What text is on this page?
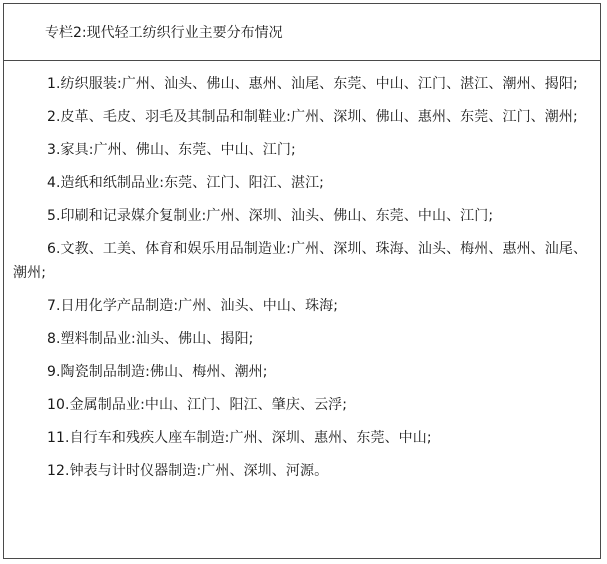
专栏2:现代轻工纺织行业主要分布情况

1.纺织服装:广州、汕头、佛山、惠州、汕尾、东莞、中山、江门、湛江、潮州、揭阳;

2.皮革、毛皮、羽毛及其制品和制鞋业:广州、深圳、佛山、惠州、东莞、江门、潮州;

3.家具:广州、佛山、东莞、中山、江门;

4.造纸和纸制品业:东莞、江门、阳江、湛江;

5.印刷和记录媒介复制业:广州、深圳、汕头、佛山、东莞、中山、江门;

6.文教、工美、体育和娱乐用品制造业:广州、深圳、珠海、汕头、梅州、惠州、汕尾、潮州;

7.日用化学产品制造:广州、汕头、中山、珠海;

8.塑料制品业:汕头、佛山、揭阳;

9.陶瓷制品制造:佛山、梅州、潮州;

10.金属制品业:中山、江门、阳江、肇庆、云浮;

11.自行车和残疾人座车制造:广州、深圳、惠州、东莞、中山;

12.钟表与计时仪器制造:广州、深圳、河源。
